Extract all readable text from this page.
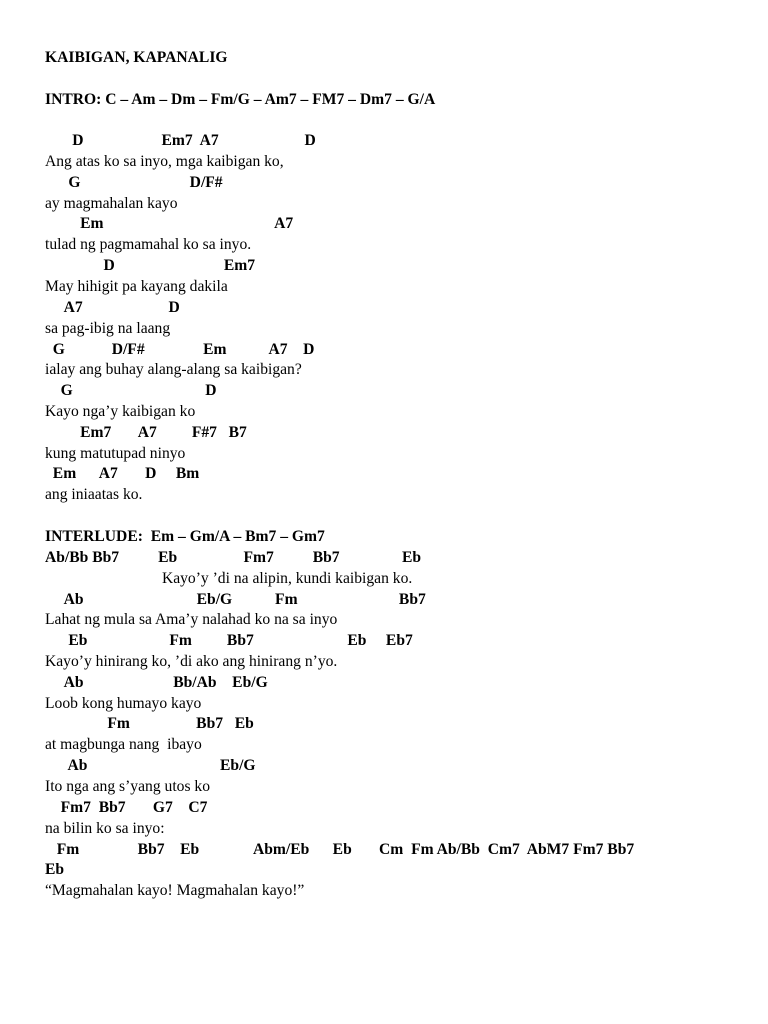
KAIBIGAN, KAPANALIG
INTRO: C – Am – Dm – Fm/G – Am7 – FM7 – Dm7 – G/A
D                    Em7  A7                      D
Ang atas ko sa inyo, mga kaibigan ko,
G                            D/F#
ay magmahalan kayo
Em                                            A7
tulad ng pagmamahal ko sa inyo.
D                            Em7
May hihigit pa kayang dakila
A7                      D
sa pag-ibig na laang
G            D/F#               Em           A7    D
ialay ang buhay alang-alang sa kaibigan?
G                                  D
Kayo nga’y kaibigan ko
Em7       A7         F#7   B7
kung matutupad ninyo
Em      A7       D     Bm
ang iniaatas ko.
INTERLUDE:  Em – Gm/A – Bm7 – Gm7
Ab/Bb Bb7          Eb                 Fm7          Bb7                Eb
Kayo’y ’di na alipin, kundi kaibigan ko.
Ab                             Eb/G           Fm                          Bb7
Lahat ng mula sa Ama’y nalahad ko na sa inyo
Eb                     Fm         Bb7                        Eb     Eb7
Kayo’y hinirang ko, ’di ako ang hinirang n’yo.
Ab                       Bb/Ab    Eb/G
Loob kong humayo kayo
Fm                 Bb7   Eb
at magbunga nang  ibayo
Ab                                  Eb/G
Ito nga ang s’yang utos ko
Fm7  Bb7       G7    C7
na bilin ko sa inyo:
Fm               Bb7    Eb              Abm/Eb      Eb       Cm  Fm Ab/Bb  Cm7  AbM7 Fm7 Bb7
Eb
“Magmahalan kayo! Magmahalan kayo!”
